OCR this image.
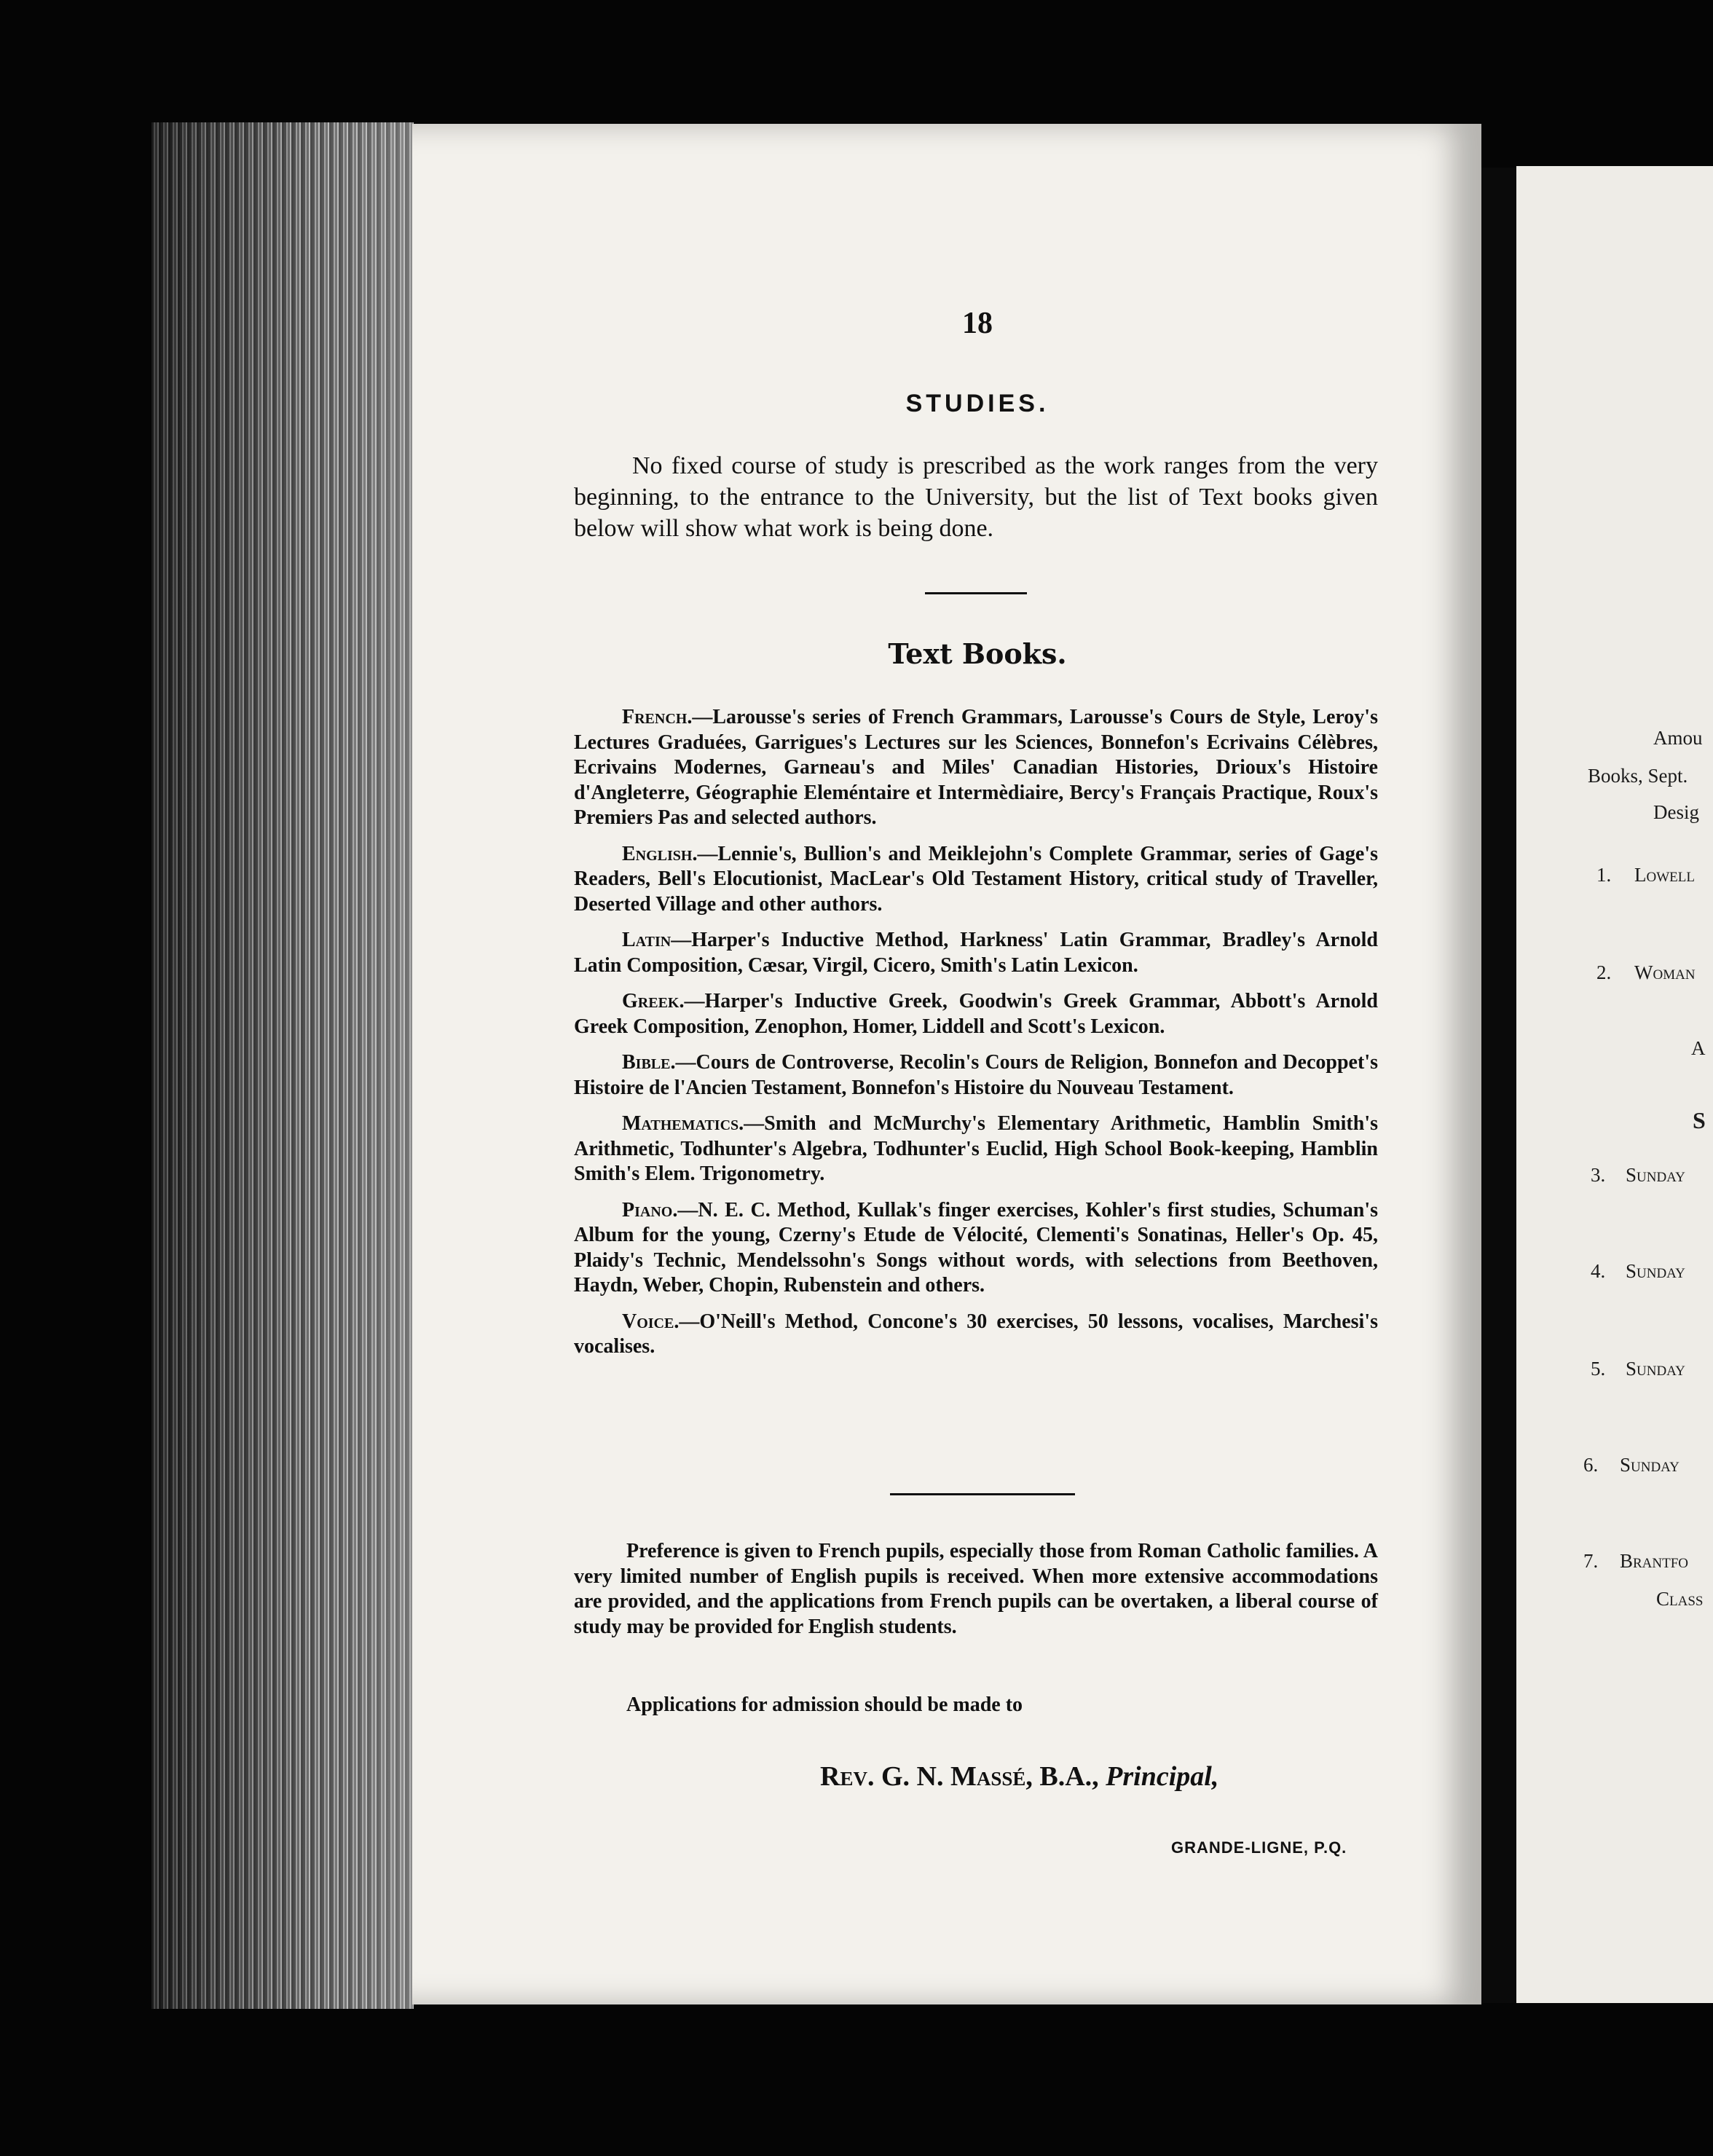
18
STUDIES.

No fixed course of study is prescribed as the work ranges from the very beginning, to the entrance to the University, but the list of Text books given below will show what work is being done.

Text Books.

French.—Larousse's series of French Grammars, Larousse's Cours de Style, Leroy's Lectures Graduées, Garrigues's Lectures sur les Sciences, Bonnefon's Ecrivains Célèbres, Ecrivains Modernes, Garneau's and Miles' Canadian Histories, Drioux's Histoire d'Angleterre, Géographie Eleméntaire et Intermèdiaire, Bercy's Français Practique, Roux's Premiers Pas and selected authors.

English.—Lennie's, Bullion's and Meiklejohn's Complete Grammar, series of Gage's Readers, Bell's Elocutionist, MacLear's Old Testament History, critical study of Traveller, Deserted Village and other authors.

Latin—Harper's Inductive Method, Harkness' Latin Grammar, Bradley's Arnold Latin Composition, Cæsar, Virgil, Cicero, Smith's Latin Lexicon.

Greek.—Harper's Inductive Greek, Goodwin's Greek Grammar, Abbott's Arnold Greek Composition, Zenophon, Homer, Liddell and Scott's Lexicon.

Bible.—Cours de Controverse, Recolin's Cours de Religion, Bonnefon and Decoppet's Histoire de l'Ancien Testament, Bonnefon's Histoire du Nouveau Testament.

Mathematics.—Smith and McMurchy's Elementary Arithmetic, Hamblin Smith's Arithmetic, Todhunter's Algebra, Todhunter's Euclid, High School Book-keeping, Hamblin Smith's Elem. Trigonometry.

Piano.—N. E. C. Method, Kullak's finger exercises, Kohler's first studies, Schuman's Album for the young, Czerny's Etude de Vélocité, Clementi's Sonatinas, Heller's Op. 45, Plaidy's Technic, Mendelssohn's Songs without words, with selections from Beethoven, Haydn, Weber, Chopin, Rubenstein and others.

Voice.—O'Neill's Method, Concone's 30 exercises, 50 lessons, vocalises, Marchesi's vocalises.

Preference is given to French pupils, especially those from Roman Catholic families. A very limited number of English pupils is received. When more extensive accommodations are provided, and the applications from French pupils can be overtaken, a liberal course of study may be provided for English students.

Applications for admission should be made to
Rev. G. N. Massé, B.A., Principal,
GRANDE-LIGNE, P.Q.
Amou
Books, Sept.
Desig
1. Lowell
2. Woman
A
S
3. Sunday
4. Sunday
5. Sunday
6. Sunday
7. Brantfo
Class
